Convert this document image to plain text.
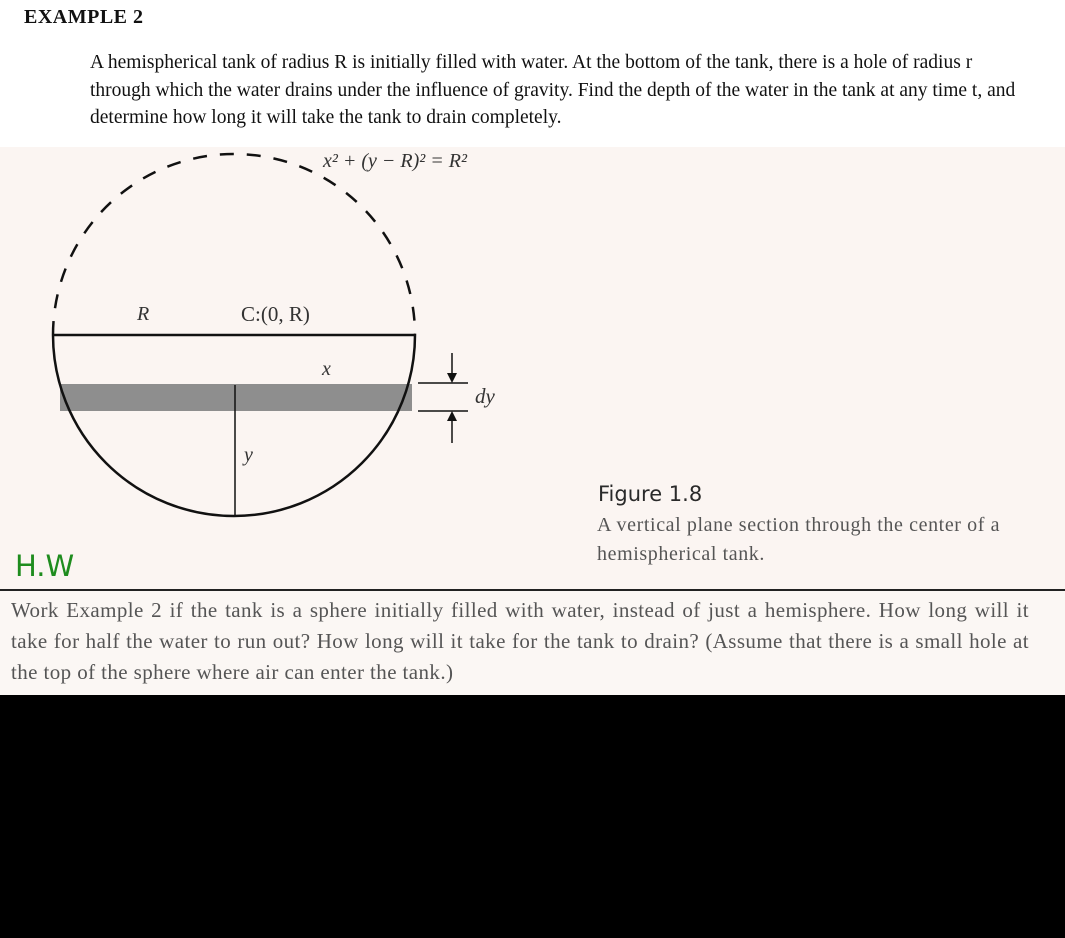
EXAMPLE 2
A hemispherical tank of radius R is initially filled with water. At the bottom of the tank, there is a hole of radius r through which the water drains under the influence of gravity. Find the depth of the water in the tank at any time t, and determine how long it will take the tank to drain completely.
x² + (y − R)² = R²
R	C:(0, R)
x
y
dy
Figure 1.8
A vertical plane section through the center of a hemispherical tank.
H.W
Work Example 2 if the tank is a sphere initially filled with water, instead of just a hemisphere. How long will it take for half the water to run out? How long will it take for the tank to drain? (Assume that there is a small hole at the top of the sphere where air can enter the tank.)
